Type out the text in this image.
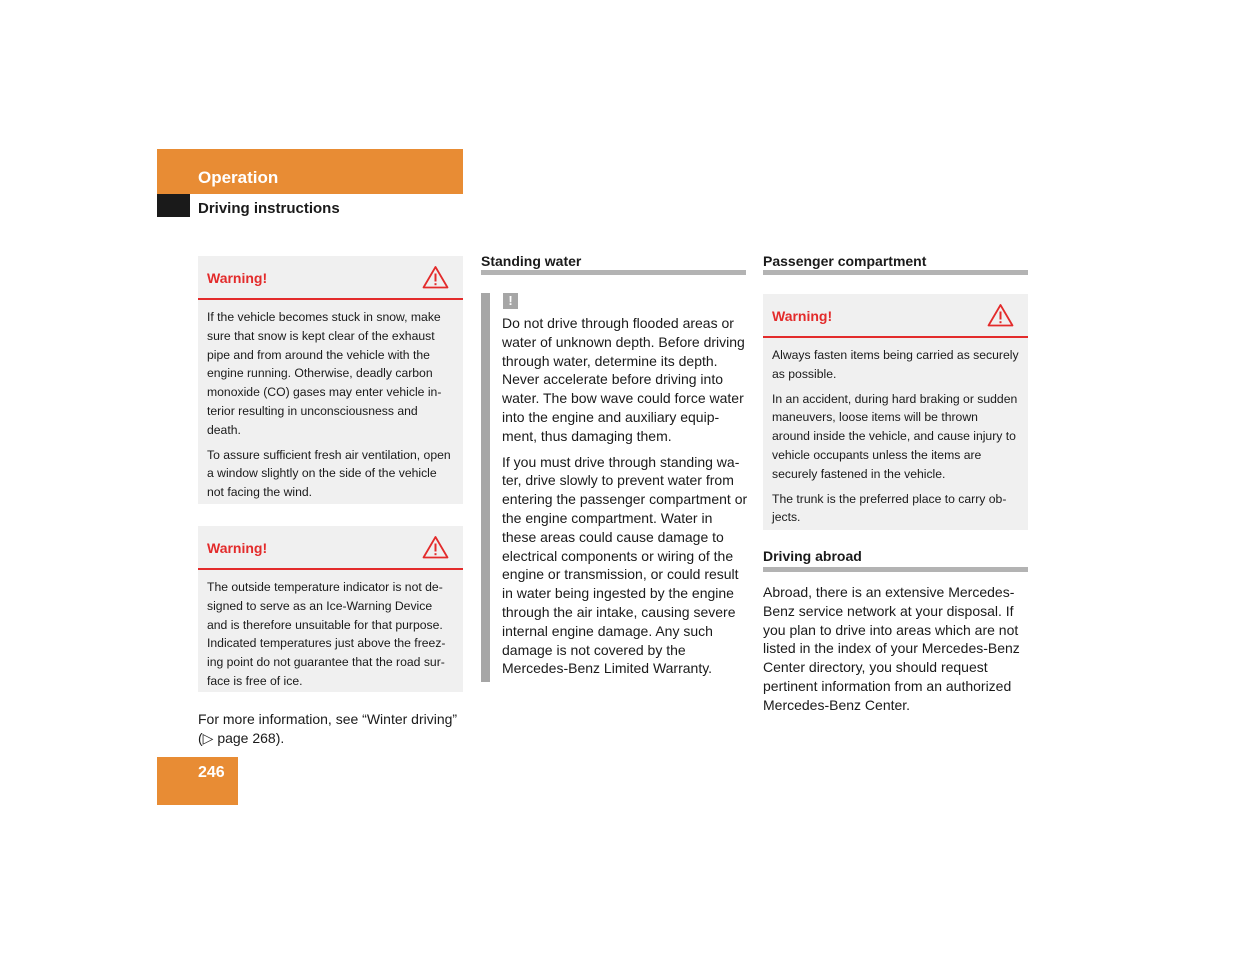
Operation
Driving instructions
Warning!

If the vehicle becomes stuck in snow, make sure that snow is kept clear of the exhaust pipe and from around the vehicle with the engine running. Otherwise, deadly carbon monoxide (CO) gases may enter vehicle interior resulting in unconsciousness and death.

To assure sufficient fresh air ventilation, open a window slightly on the side of the vehicle not facing the wind.

Warning!

The outside temperature indicator is not designed to serve as an Ice-Warning Device and is therefore unsuitable for that purpose. Indicated temperatures just above the freezing point do not guarantee that the road surface is free of ice.

For more information, see “Winter driving” (▷ page 268).

Standing water
!

Do not drive through flooded areas or water of unknown depth. Before driving through water, determine its depth. Never accelerate before driving into water. The bow wave could force water into the engine and auxiliary equipment, thus damaging them.

If you must drive through standing water, drive slowly to prevent water from entering the passenger compartment or the engine compartment. Water in these areas could cause damage to electrical components or wiring of the engine or transmission, or could result in water being ingested by the engine through the air intake, causing severe internal engine damage. Any such damage is not covered by the Mercedes-Benz Limited Warranty.

Passenger compartment
Warning!

Always fasten items being carried as securely as possible.

In an accident, during hard braking or sudden maneuvers, loose items will be thrown around inside the vehicle, and cause injury to vehicle occupants unless the items are securely fastened in the vehicle.

The trunk is the preferred place to carry objects.

Driving abroad

Abroad, there is an extensive Mercedes-Benz service network at your disposal. If you plan to drive into areas which are not listed in the index of your Mercedes-Benz Center directory, you should request pertinent information from an authorized Mercedes-Benz Center.

246
